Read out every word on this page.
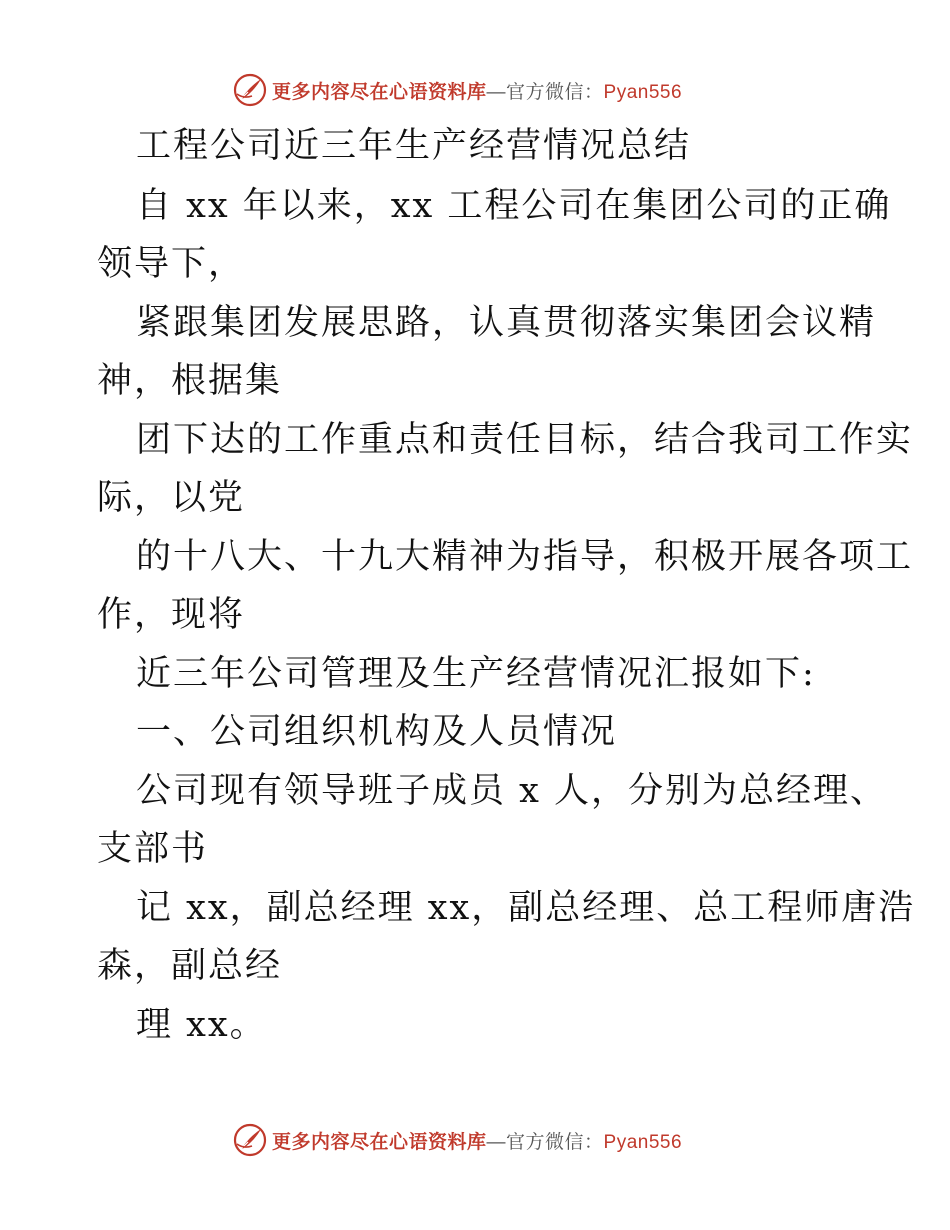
更多内容尽在心语资料库—官方微信：Pyan556
工程公司近三年生产经营情况总结
自 xx 年以来，xx 工程公司在集团公司的正确
领导下，
紧跟集团发展思路，认真贯彻落实集团会议精
神，根据集
团下达的工作重点和责任目标，结合我司工作实
际，以党
的十八大、十九大精神为指导，积极开展各项工
作，现将
近三年公司管理及生产经营情况汇报如下:
一、公司组织机构及人员情况
公司现有领导班子成员 x 人，分别为总经理、
支部书
记 xx，副总经理 xx，副总经理、总工程师唐浩
森，副总经
理 xx。
更多内容尽在心语资料库—官方微信：Pyan556
